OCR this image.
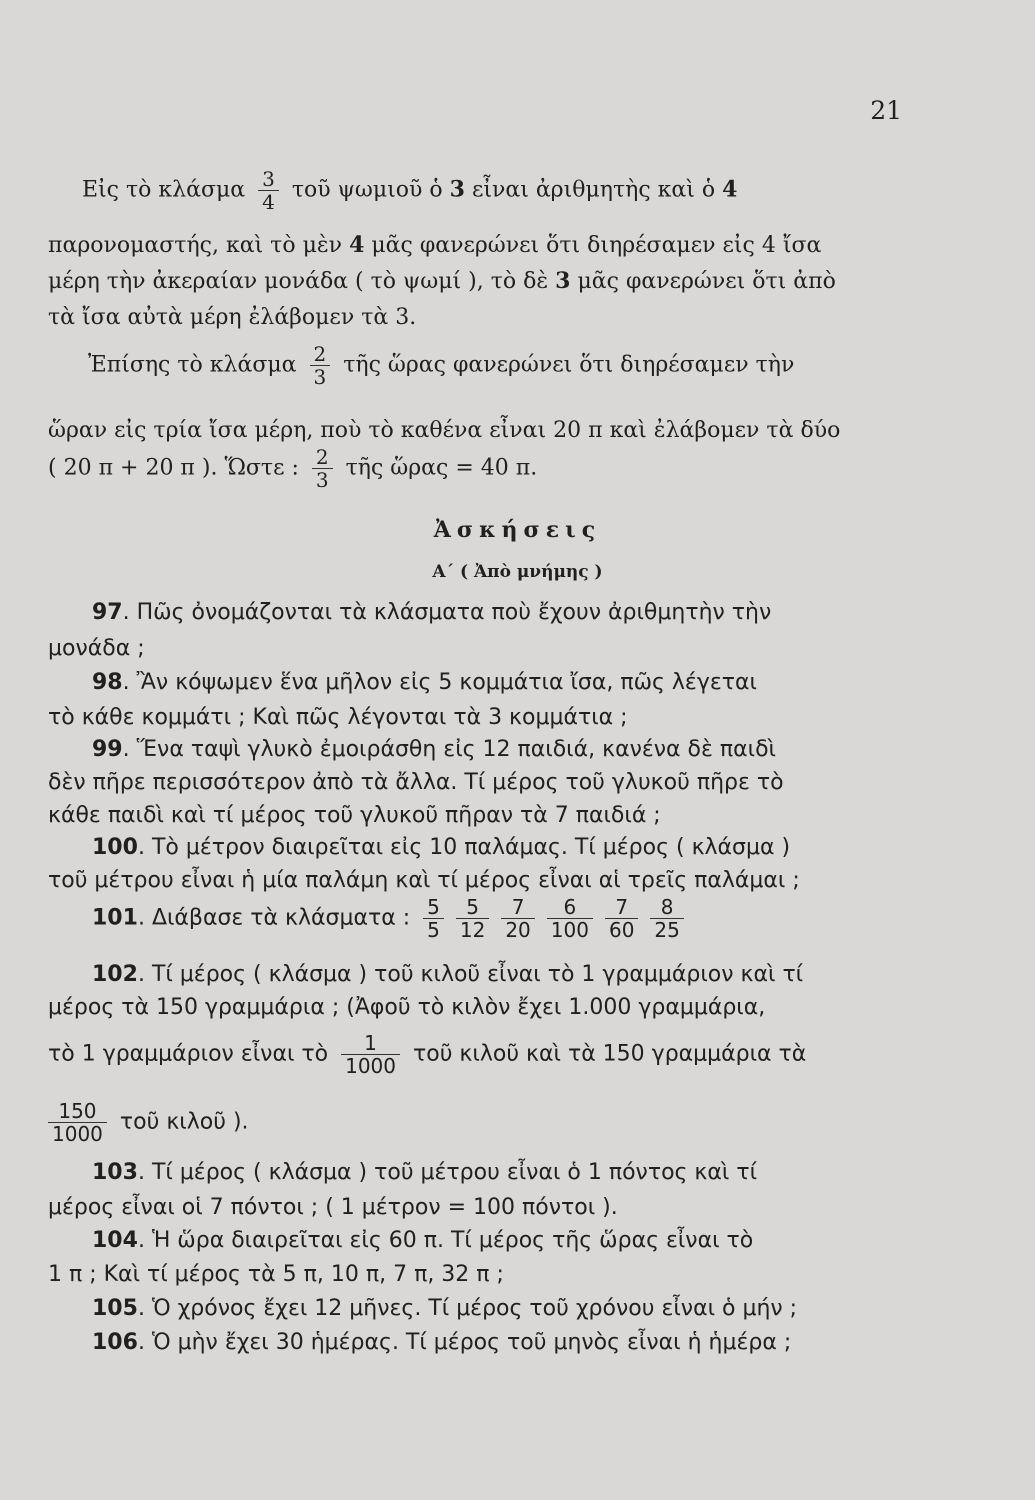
21
Εἰς τὸ κλάσμα $\frac{3}{4}$ τοῦ ψωμιοῦ ὁ 3 εἶναι ἀριθμητὴς καὶ ὁ 4
παρονομαστής, καὶ τὸ μὲν 4 μᾶς φανερώνει ὅτι διηρέσαμεν εἰς 4 ἴσα
μέρη τὴν ἀκεραίαν μονάδα ( τὸ ψωμί ), τὸ δὲ 3 μᾶς φανερώνει ὅτι ἀπὸ
τὰ ἴσα αὐτὰ μέρη ἐλάβομεν τὰ 3.
Ἐπίσης τὸ κλάσμα $\frac{2}{3}$ τῆς ὥρας φανερώνει ὅτι διηρέσαμεν τὴν
ὥραν εἰς τρία ἴσα μέρη, ποὺ τὸ καθένα εἶναι 20 π καὶ ἐλάβομεν τὰ δύο
( 20 π + 20 π ). Ὥστε : $\frac{2}{3}$ τῆς ὥρας = 40 π.
Ἀσκήσεις
Α΄ ( Ἀπὸ μνήμης )
97. Πῶς ὀνομάζονται τὰ κλάσματα ποὺ ἔχουν ἀριθμητὴν τὴν
μονάδα ;
98. Ἂν κόψωμεν ἕνα μῆλον εἰς 5 κομμάτια ἴσα, πῶς λέγεται
τὸ κάθε κομμάτι ; Καὶ πῶς λέγονται τὰ 3 κομμάτια ;
99. Ἕνα ταψὶ γλυκὸ ἐμοιράσθη εἰς 12 παιδιά, κανένα δὲ παιδὶ
δὲν πῆρε περισσότερον ἀπὸ τὰ ἄλλα. Τί μέρος τοῦ γλυκοῦ πῆρε τὸ
κάθε παιδὶ καὶ τί μέρος τοῦ γλυκοῦ πῆραν τὰ 7 παιδιά ;
100. Τὸ μέτρον διαιρεῖται εἰς 10 παλάμας. Τί μέρος ( κλάσμα )
τοῦ μέτρου εἶναι ἡ μία παλάμη καὶ τί μέρος εἶναι αἱ τρεῖς παλάμαι ;
101. Διάβασε τὰ κλάσματα : $\frac{5}{5} \frac{5}{12} \frac{7}{20} \frac{6}{100} \frac{7}{60} \frac{8}{25}$
102. Τί μέρος ( κλάσμα ) τοῦ κιλοῦ εἶναι τὸ 1 γραμμάριον καὶ τί
μέρος τὰ 150 γραμμάρια ; (Ἀφοῦ τὸ κιλὸν ἔχει 1.000 γραμμάρια,
τὸ 1 γραμμάριον εἶναι τὸ $\frac{1}{1000}$ τοῦ κιλοῦ καὶ τὰ 150 γραμμάρια τὰ
$\frac{150}{1000}$ τοῦ κιλοῦ ).
103. Τί μέρος ( κλάσμα ) τοῦ μέτρου εἶναι ὁ 1 πόντος καὶ τί
μέρος εἶναι οἱ 7 πόντοι ; ( 1 μέτρον = 100 πόντοι ).
104. Ἡ ὥρα διαιρεῖται εἰς 60 π. Τί μέρος τῆς ὥρας εἶναι τὸ
1 π ; Καὶ τί μέρος τὰ 5 π, 10 π, 7 π, 32 π ;
105. Ὁ χρόνος ἔχει 12 μῆνες. Τί μέρος τοῦ χρόνου εἶναι ὁ μήν ;
106. Ὁ μὴν ἔχει 30 ἡμέρας. Τί μέρος τοῦ μηνὸς εἶναι ἡ ἡμέρα ;
